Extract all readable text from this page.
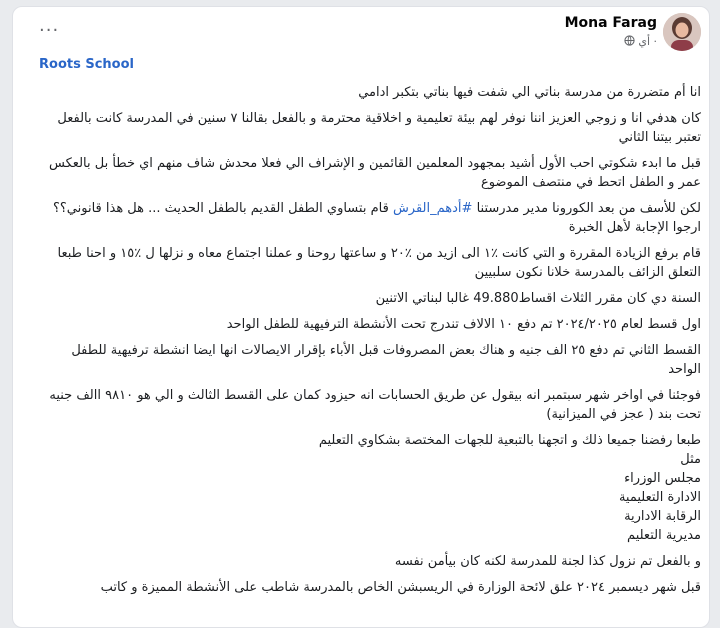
...	Mona Farag
أي ·
Roots School

انا أم متضررة من مدرسة بناتي الي شفت فيها بناتي بتكبر ادامي

كان هدفي انا و زوجي العزيز اننا نوفر لهم بيئة تعليمية و اخلاقية محترمة و بالفعل بقالنا ٧ سنين في المدرسة كانت بالفعل تعتبر بيتنا الثاني

قبل ما ابدء شكوتي احب الأول أشيد بمجهود المعلمين القائمين و الإشراف الي فعلا محدش شاف منهم اي خطأ بل بالعكس عمر و الطفل اتحط في منتصف الموضوع

لكن للأسف من بعد الكورونا مدير مدرستنا #أدهم_القرش قام بتساوي الطفل القديم بالطفل الحديث ... هل هذا قانوني؟؟ ارجوا الإجابة لأهل الخبرة

قام برفع الزيادة المقررة و التي كانت ٪١ الى ازيد من ٪٢٠ و ساعتها روحنا و عملنا اجتماع معاه و نزلها ل ٪١٥ و احنا طبعا التعلق الزائف بالمدرسة خلانا نكون سلبيين

السنة دي كان مقرر الثلاث اقساط49.880 غالبا لبناتي الاتنين

اول قسط لعام ٢٠٢٤/٢٠٢٥ تم دفع ١٠ الالاف تندرج تحت الأنشطة الترفيهية للطفل الواحد

القسط الثاني تم دفع ٢٥ الف جنيه و هناك بعض المصروفات قبل الأباء بإقرار الايصالات انها ايضا انشطة ترفيهية للطفل الواحد

فوجئنا في اواخر شهر سبتمبر انه بيقول عن طريق الحسابات انه حيزود كمان على القسط الثالث و الي هو ٩٨١٠ االف جنيه تحت بند ( عجز في الميزانية)

طبعا رفضنا جميعا ذلك و اتجهنا بالتبعية للجهات المختصة بشكاوي التعليم

مثل

مجلس الوزراء

الادارة التعليمية

الرقابة الادارية

مديرية التعليم

و بالفعل تم نزول كذا لجنة للمدرسة لكنه كان بيأمن نفسه

قبل شهر ديسمبر ٢٠٢٤ علق لائحة الوزارة في الريسبشن الخاص بالمدرسة شاطب على الأنشطة المميزة و كاتب
